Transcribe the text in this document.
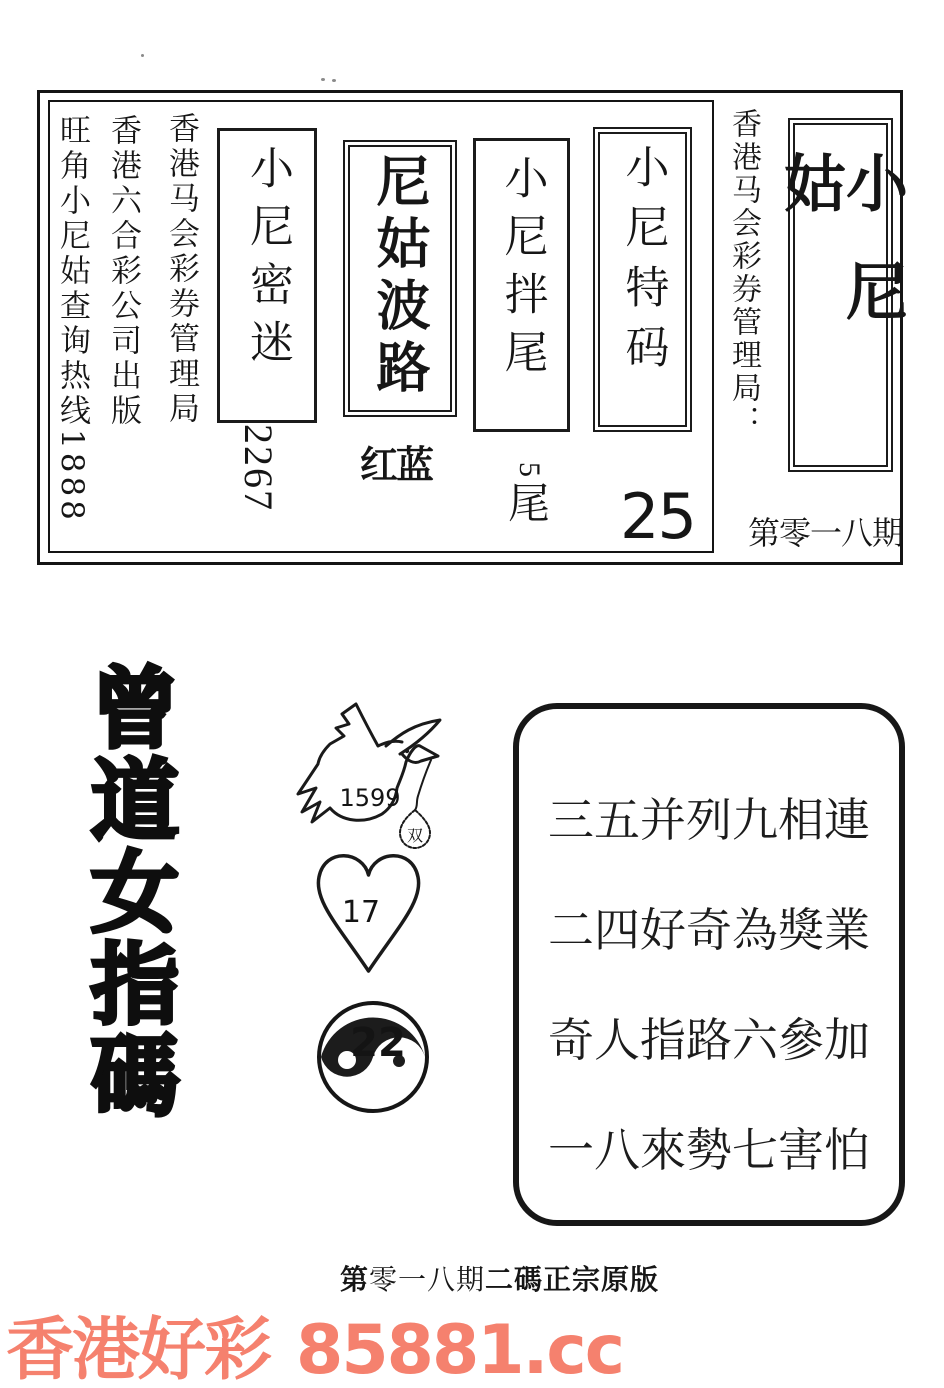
香港马会彩券管理局
香港六合彩公司出版
旺角小尼姑查询热线1888	小尼密迷
2267
尼姑波路
红蓝
小尼拌尾
5
尾
小尼特码
25
香港马会彩券管理局：	小尼姑
第零一八期
曾道女指碼	1599
双
17
22
三五并列九相連
二四好奇為獎業
奇人指路六參加
一八來勢七害怕
第 零一八期 二碼正宗原版
香港好彩 85881.cc
